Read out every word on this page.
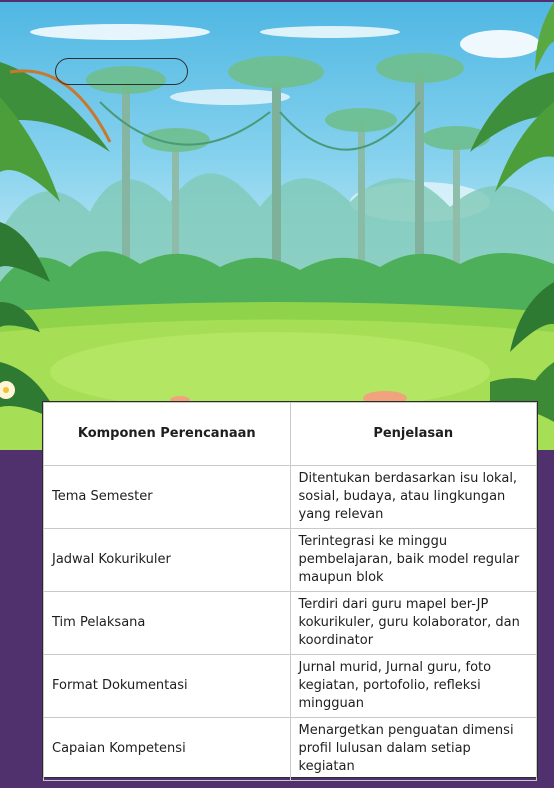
Komponen Perencanaan	Penjelasan
Tema Semester	Ditentukan berdasarkan isu lokal, sosial, budaya, atau lingkungan yang relevan
Jadwal Kokurikuler	Terintegrasi ke minggu pembelajaran, baik model regular maupun blok
Tim Pelaksana	Terdiri dari guru mapel ber-JP kokurikuler, guru kolaborator, dan koordinator
Format Dokumentasi	Jurnal murid, Jurnal guru, foto kegiatan, portofolio, refleksi mingguan
Capaian Kompetensi	Menargetkan penguatan dimensi profil lulusan dalam setiap kegiatan
